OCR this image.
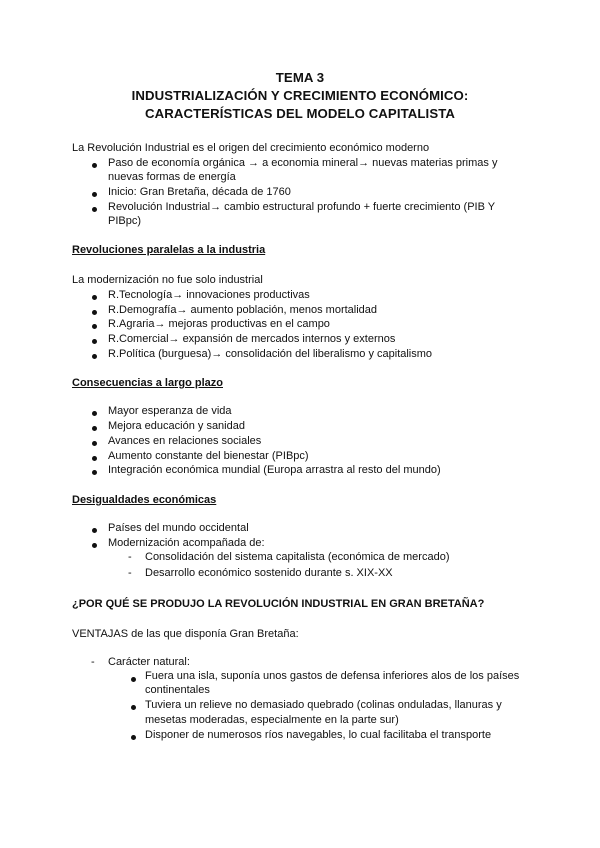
TEMA 3
INDUSTRIALIZACIÓN Y CRECIMIENTO ECONÓMICO:
CARACTERÍSTICAS DEL MODELO CAPITALISTA
La Revolución Industrial es el origen del crecimiento económico moderno
Paso de economía orgánica → a economia mineral→ nuevas materias primas y
nuevas formas de energía
Inicio: Gran Bretaña, década de 1760
Revolución Industrial→ cambio estructural profundo + fuerte crecimiento (PIB Y
PIBpc)
Revoluciones paralelas a la industria
La modernización no fue solo industrial
R.Tecnología→ innovaciones productivas
R.Demografía→ aumento población, menos mortalidad
R.Agraria→ mejoras productivas en el campo
R.Comercial→ expansión de mercados internos y externos
R.Política (burguesa)→ consolidación del liberalismo y capitalismo
Consecuencias a largo plazo
Mayor esperanza de vida
Mejora educación y sanidad
Avances en relaciones sociales
Aumento constante del bienestar (PIBpc)
Integración económica mundial (Europa arrastra al resto del mundo)
Desigualdades económicas
Países del mundo occidental
Modernización acompañada de:
- Consolidación del sistema capitalista (económica de mercado)
- Desarrollo económico sostenido durante s. XIX-XX
¿POR QUÉ SE PRODUJO LA REVOLUCIÓN INDUSTRIAL EN GRAN BRETAÑA?
VENTAJAS de las que disponía Gran Bretaña:
- Carácter natural:
Fuera una isla, suponía unos gastos de defensa inferiores alos de los países
continentales
Tuviera un relieve no demasiado quebrado (colinas onduladas, llanuras y
mesetas moderadas, especialmente en la parte sur)
Disponer de numerosos ríos navegables, lo cual facilitaba el transporte
